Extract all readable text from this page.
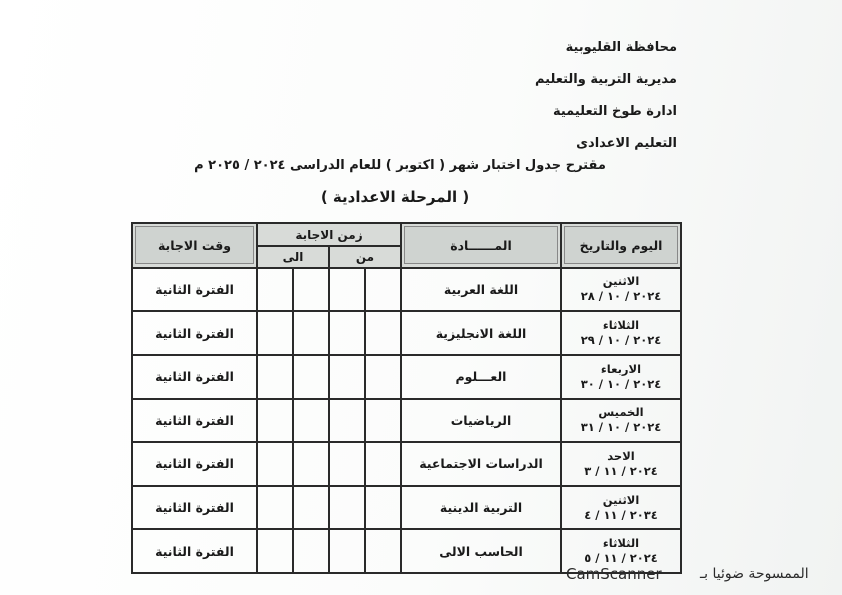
محافظة القليوبية
مديرية التربية والتعليم
ادارة طوخ التعليمية
التعليم الاعدادى
مقترح جدول اختبار شهر ( اكتوبر ) للعام الدراسى ٢٠٢٤ / ٢٠٢٥ م
( المرحلة الاعدادية )
اليوم والتاريخ	المــــــادة	زمن الاجابة				وقت الاجابة

		من		الى		

الاثنين
٢٠٢٤ / ١٠ / ٢٨	اللغة العربية					الفترة الثانية

الثلاثاء
٢٠٢٤ / ١٠ / ٢٩	اللغة الانجليزية					الفترة الثانية

الاربعاء
٢٠٢٤ / ١٠ / ٣٠	العـــلوم					الفترة الثانية

الخميس
٢٠٢٤ / ١٠ / ٣١	الرياضيات					الفترة الثانية

الاحد
٢٠٢٤ / ١١ / ٣	الدراسات الاجتماعية					الفترة الثانية

الاثنين
٢٠٣٤ / ١١ / ٤	التربية الدينية					الفترة الثانية

الثلاثاء
٢٠٢٤ / ١١ / ٥	الحاسب الالى					الفترة الثانية
الممسوحة ضوئيا بـ
CamScanner
